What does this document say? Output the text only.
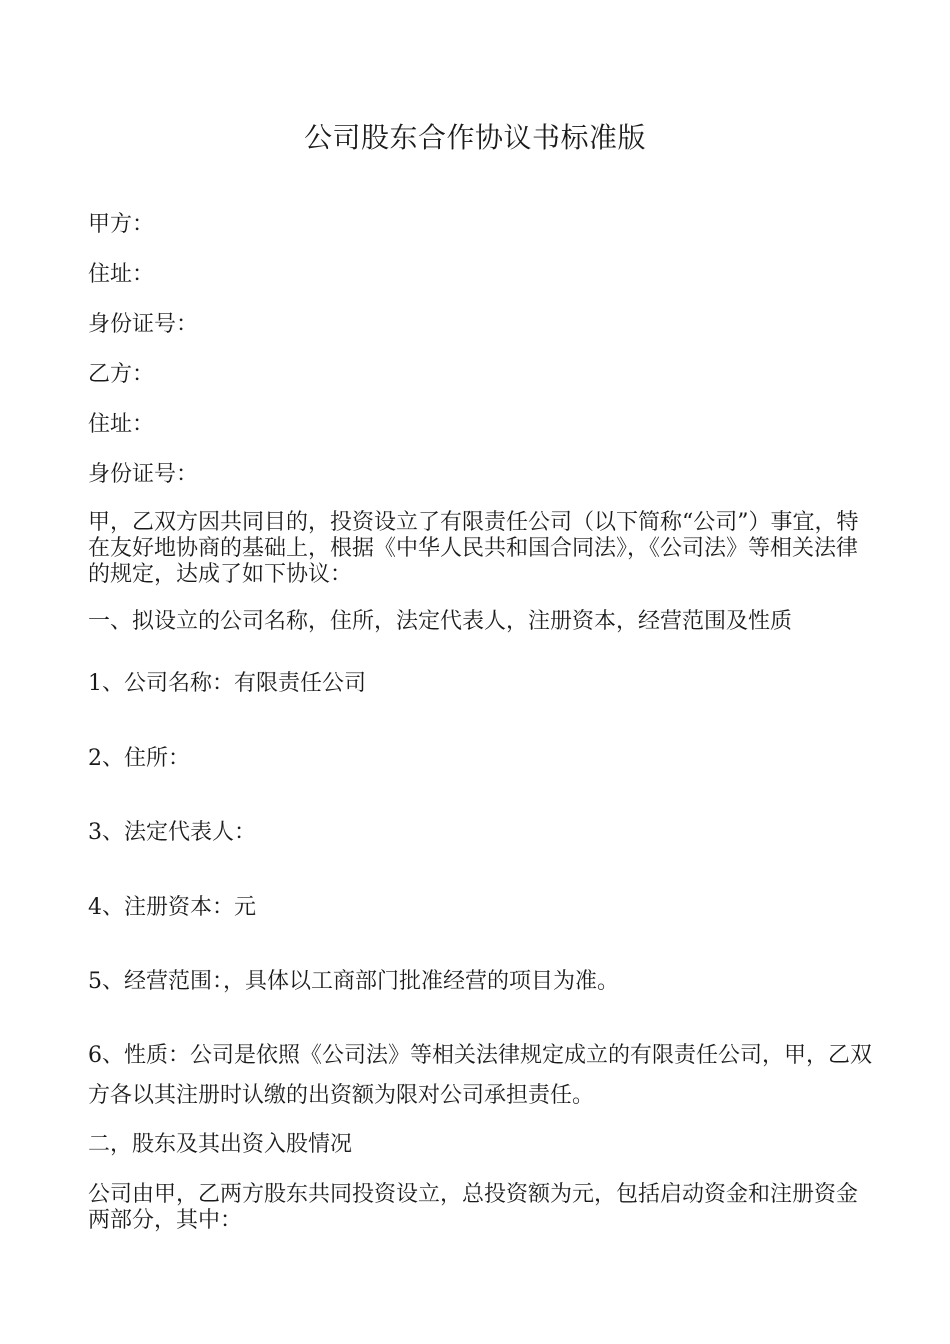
公司股东合作协议书标准版

甲方：

住址：

身份证号：

乙方：

住址：

身份证号：

甲，乙双方因共同目的，投资设立了有限责任公司（以下简称“公司”）事宜，特在友好地协商的基础上，根据《中华人民共和国合同法》，《公司法》等相关法律的规定，达成了如下协议：

一、拟设立的公司名称，住所，法定代表人，注册资本，经营范围及性质

1、公司名称：有限责任公司

2、住所：

3、法定代表人：

4、注册资本：元

5、经营范围：，具体以工商部门批准经营的项目为准。

6、性质：公司是依照《公司法》等相关法律规定成立的有限责任公司，甲，乙双方各以其注册时认缴的出资额为限对公司承担责任。

二，股东及其出资入股情况

公司由甲，乙两方股东共同投资设立，总投资额为元，包括启动资金和注册资金两部分，其中：
